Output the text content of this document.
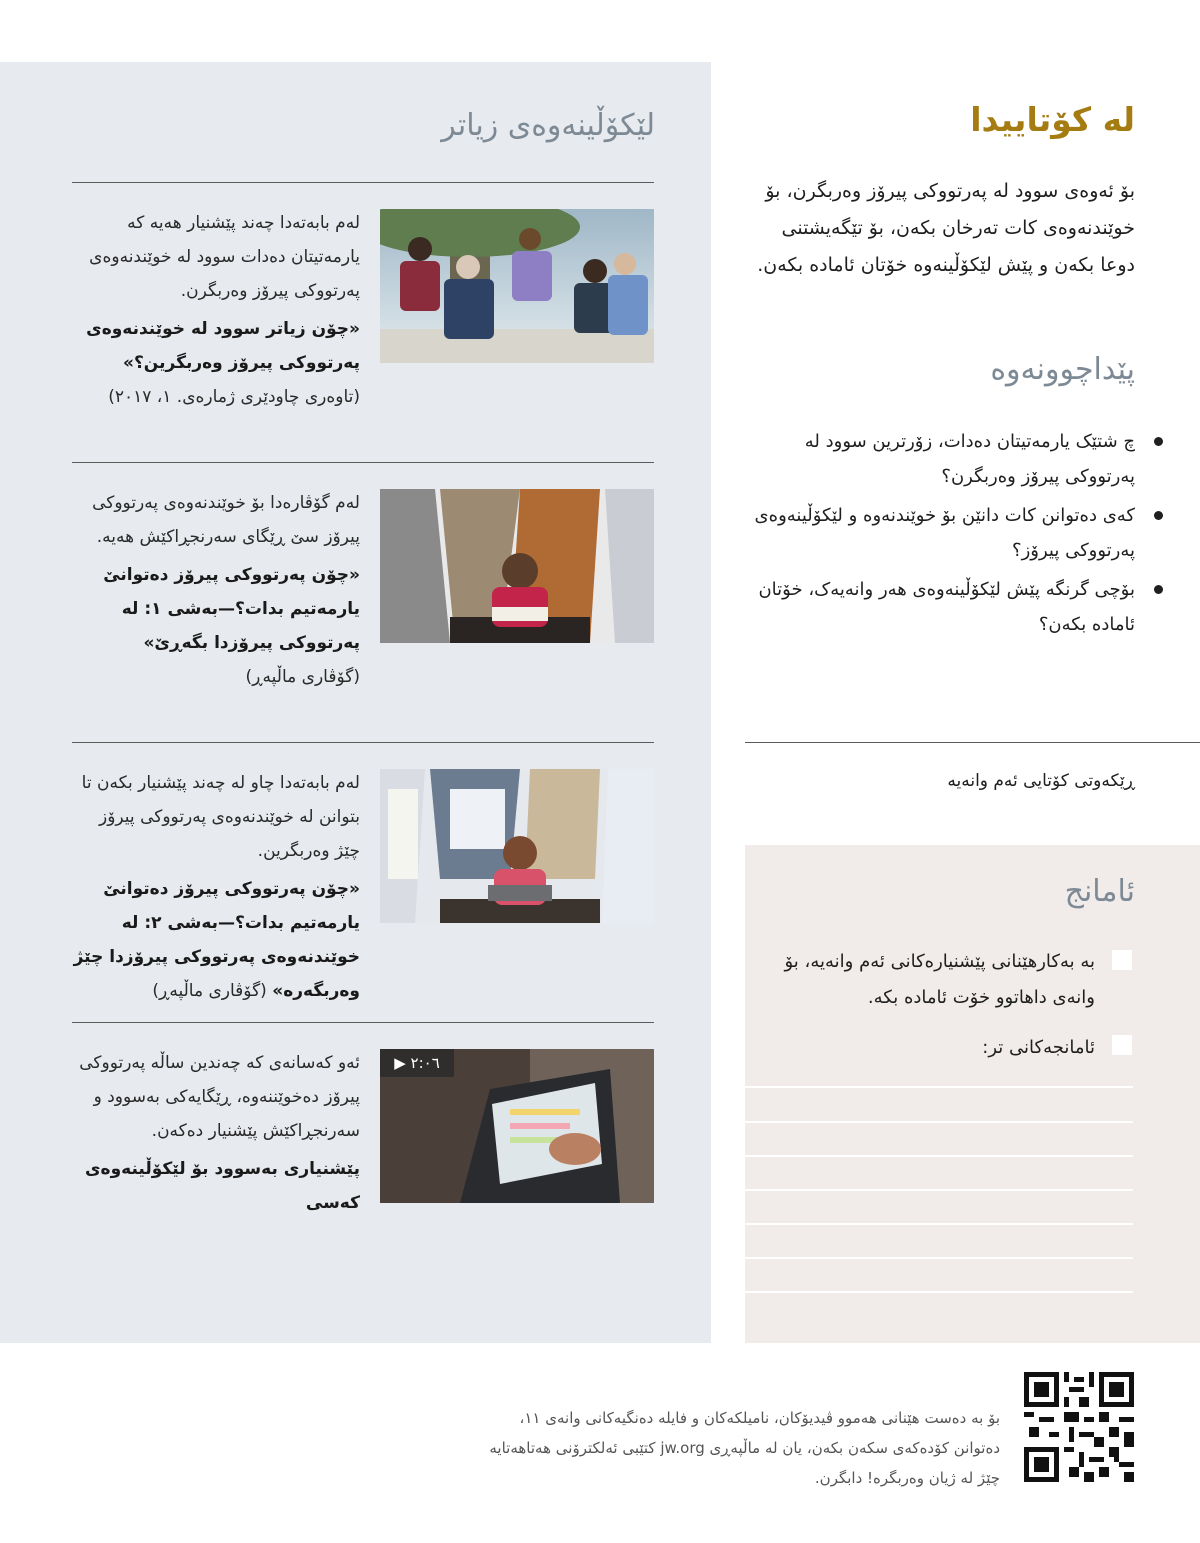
لێکۆڵینەوەی زیاتر
لەم بابەتەدا چەند پێشنیار هەیە کە یارمەتیتان دەدات سوود لە خوێندنەوەی پەرتووکی پیرۆز وەربگرن.
«چۆن زیاتر سوود لە خوێندنەوەی پەرتووکی پیرۆز وەربگرین؟»
(تاوەری چاودێری ژمارەی. ١، ٢٠١٧)
لەم گۆڤارەدا بۆ خوێندنەوەی پەرتووکی پیرۆز سێ ڕێگای سەرنجڕاکێش هەیە.
«چۆن پەرتووکی پیرۆز دەتوانێ یارمەتیم بدات؟—بەشی ١: لە پەرتووکی پیرۆزدا بگەڕێ»
(گۆڤاری ماڵپەڕ)
لەم بابەتەدا چاو لە چەند پێشنیار بکەن تا بتوانن لە خوێندنەوەی پەرتووکی پیرۆز چێژ وەربگرین.
«چۆن پەرتووکی پیرۆز دەتوانێ یارمەتیم بدات؟—بەشی ٢: لە خوێندنەوەی پەرتووکی پیرۆزدا چێژ وەربگەرە» (گۆڤاری ماڵپەڕ)
ئەو کەسانەی کە چەندین ساڵە پەرتووکی پیرۆز دەخوێننەوە، ڕێگایەکی بەسوود و سەرنجڕاکێش پێشنیار دەکەن.
پێشنیاری بەسوود بۆ لێکۆڵینەوەی کەسی
▶ ٢:٠٦
لە کۆتاییدا
بۆ ئەوەی سوود لە پەرتووکی پیرۆز وەربگرن، بۆ خوێندنەوەی کات تەرخان بکەن، بۆ تێگەیشتنی دوعا بکەن و پێش لێکۆڵینەوە خۆتان ئامادە بکەن.
پێداچوونەوە
چ شتێک یارمەتیتان دەدات، زۆرترین سوود لە پەرتووکی پیرۆز وەربگرن؟
کەی دەتوانن کات دانێن بۆ خوێندنەوە و لێکۆڵینەوەی پەرتووکی پیرۆز؟
بۆچی گرنگە پێش لێکۆڵینەوەی هەر وانەیەک، خۆتان ئامادە بکەن؟
ڕێکەوتی کۆتایی ئەم وانەیە
ئامانج
بە بەکارهێنانی پێشنیارەکانی ئەم وانەیە، بۆ وانەی داهاتوو خۆت ئامادە بکە.
ئامانجەکانی تر:
بۆ بە دەست هێنانی هەموو ڤیدیۆکان، نامیلکەکان و فایلە دەنگیەکانی وانەی ١١، دەتوانن کۆدەکەی سکەن بکەن، یان لە ماڵپەڕی jw.org کتێبی ئەلکترۆنی هەتاهەتایە چێژ لە ژیان وەربگرە! دابگرن.
